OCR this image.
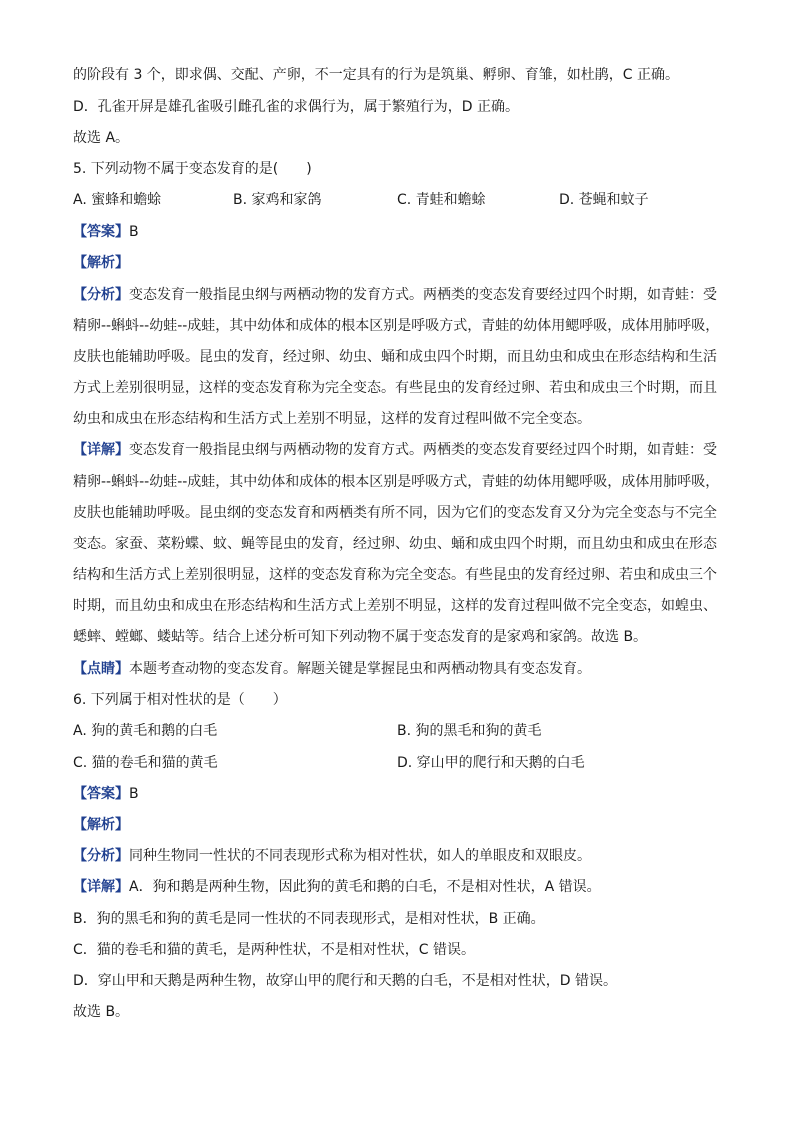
的阶段有 3 个，即求偶、交配、产卵，不一定具有的行为是筑巢、孵卵、育雏，如杜鹃，C 正确。
D．孔雀开屏是雄孔雀吸引雌孔雀的求偶行为，属于繁殖行为，D 正确。
故选 A。
5. 下列动物不属于变态发育的是(　　)
A. 蜜蜂和蟾蜍	B. 家鸡和家鸽	C. 青蛙和蟾蜍	D. 苍蝇和蚊子
【答案】B
【解析】
【分析】变态发育一般指昆虫纲与两栖动物的发育方式。两栖类的变态发育要经过四个时期，如青蛙：受
精卵--蝌蚪--幼蛙--成蛙，其中幼体和成体的根本区别是呼吸方式，青蛙的幼体用鳃呼吸，成体用肺呼吸，
皮肤也能辅助呼吸。昆虫的发育，经过卵、幼虫、蛹和成虫四个时期，而且幼虫和成虫在形态结构和生活
方式上差别很明显，这样的变态发育称为完全变态。有些昆虫的发育经过卵、若虫和成虫三个时期，而且
幼虫和成虫在形态结构和生活方式上差别不明显，这样的发育过程叫做不完全变态。
【详解】变态发育一般指昆虫纲与两栖动物的发育方式。两栖类的变态发育要经过四个时期，如青蛙：受
精卵--蝌蚪--幼蛙--成蛙，其中幼体和成体的根本区别是呼吸方式，青蛙的幼体用鳃呼吸，成体用肺呼吸，
皮肤也能辅助呼吸。昆虫纲的变态发育和两栖类有所不同，因为它们的变态发育又分为完全变态与不完全
变态。家蚕、菜粉蝶、蚊、蝇等昆虫的发育，经过卵、幼虫、蛹和成虫四个时期，而且幼虫和成虫在形态
结构和生活方式上差别很明显，这样的变态发育称为完全变态。有些昆虫的发育经过卵、若虫和成虫三个
时期，而且幼虫和成虫在形态结构和生活方式上差别不明显，这样的发育过程叫做不完全变态，如蝗虫、
蟋蟀、螳螂、蝼蛄等。结合上述分析可知下列动物不属于变态发育的是家鸡和家鸽。故选 B。
【点睛】本题考查动物的变态发育。解题关键是掌握昆虫和两栖动物具有变态发育。
6. 下列属于相对性状的是（　　）
A. 狗的黄毛和鹅的白毛	B. 狗的黑毛和狗的黄毛
C. 猫的卷毛和猫的黄毛	D. 穿山甲的爬行和天鹅的白毛
【答案】B
【解析】
【分析】同种生物同一性状的不同表现形式称为相对性状，如人的单眼皮和双眼皮。
【详解】A．狗和鹅是两种生物，因此狗的黄毛和鹅的白毛，不是相对性状，A 错误。
B．狗的黑毛和狗的黄毛是同一性状的不同表现形式，是相对性状，B 正确。
C．猫的卷毛和猫的黄毛，是两种性状，不是相对性状，C 错误。
D．穿山甲和天鹅是两种生物，故穿山甲的爬行和天鹅的白毛，不是相对性状，D 错误。
故选 B。
